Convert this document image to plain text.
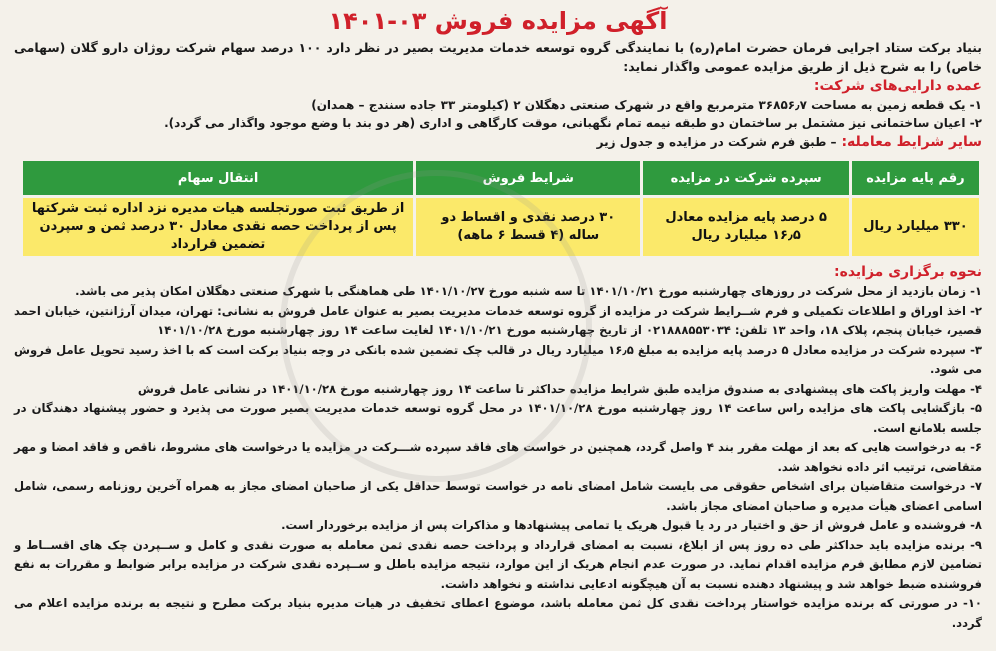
آگهی مزایده فروش ۰۳-۱۴۰۱

بنیاد برکت ستاد اجرایی فرمان حضرت امام(ره) با نمایندگی گروه توسعه خدمات مدیریت بصیر در نظر دارد ۱۰۰ درصد سهام شرکت روژان دارو گلان (سهامی خاص) را به شرح ذیل از طریق مزایده عمومی واگذار نماید:

عمده دارایی‌های شرکت:

۱- یک قطعه زمین به مساحت ۳۶۸۵۶٫۷ مترمربع واقع در شهرک صنعتی دهگلان ۲ (کیلومتر ۳۳ جاده سنندج – همدان)

۲- اعیان ساختمانی نیز مشتمل بر ساختمان دو طبقه نیمه تمام نگهبانی، موقت کارگاهی و اداری (هر دو بند با وضع موجود واگذار می گردد).

سایر شرایط معامله: – طبق فرم شرکت در مزایده و جدول زیر
رقم پایه مزایده	سپرده شرکت در مزایده	شرایط فروش	انتقال سهام
۳۳۰ میلیارد ریال	۵ درصد پایه مزایده معادل ۱۶٫۵ میلیارد ریال	۳۰ درصد نقدی و اقساط دو ساله (۴ قسط ۶ ماهه)	از طریق ثبت صورتجلسه هیات مدیره نزد اداره ثبت شرکتها پس از پرداخت حصه نقدی معادل ۳۰ درصد ثمن و سپردن تضمین قرارداد
نحوه برگزاری مزایده:

۱- زمان بازدید از محل شرکت در روزهای چهارشنبه مورخ ۱۴۰۱/۱۰/۲۱ تا سه شنبه مورخ ۱۴۰۱/۱۰/۲۷ طی هماهنگی با شهرک صنعتی دهگلان امکان پذیر می باشد.

۲- اخذ اوراق و اطلاعات تکمیلی و فرم شــرایط شرکت در مزایده از گروه توسعه خدمات مدیریت بصیر به عنوان عامل فروش به نشانی: تهران، میدان آرژانتین، خیابان احمد قصیر، خیابان پنجم، پلاک ۱۸، واحد ۱۳ تلفن: ۰۲۱۸۸۸۵۵۳۰۳۴ از تاریخ چهارشنبه مورخ ۱۴۰۱/۱۰/۲۱ لغایت ساعت ۱۴ روز چهارشنبه مورخ ۱۴۰۱/۱۰/۲۸

۳- سپرده شرکت در مزایده معادل ۵ درصد پایه مزایده به مبلغ ۱۶٫۵ میلیارد ریال در قالب چک تضمین شده بانکی در وجه بنیاد برکت است که با اخذ رسید تحویل عامل فروش می شود.

۴- مهلت واریز پاکت های پیشنهادی به صندوق مزایده طبق شرایط مزایده حداکثر تا ساعت ۱۴ روز چهارشنبه مورخ ۱۴۰۱/۱۰/۲۸ در نشانی عامل فروش

۵- بازگشایی پاکت های مزایده راس ساعت ۱۴ روز چهارشنبه مورخ ۱۴۰۱/۱۰/۲۸ در محل گروه توسعه خدمات مدیریت بصیر صورت می پذیرد و حضور پیشنهاد دهندگان در جلسه بلامانع است.

۶- به درخواست هایی که بعد از مهلت مقرر بند ۴ واصل گردد، همچنین در خواست های فاقد سپرده شـــرکت در مزایده یا درخواست های مشروط، ناقص و فاقد امضا و مهر متقاضی، ترتیب اثر داده نخواهد شد.

۷- درخواست متقاضیان برای اشخاص حقوقی می بایست شامل امضای نامه در خواست توسط حداقل یکی از صاحبان امضای مجاز به همراه آخرین روزنامه رسمی، شامل اسامی اعضای هیأت مدیره و صاحبان امضای مجاز باشد.

۸- فروشنده و عامل فروش از حق و اختیار در رد یا قبول هریک یا تمامی پیشنهادها و مذاکرات پس از مزایده برخوردار است.

۹- برنده مزایده باید حداکثر طی ده روز پس از ابلاغ، نسبت به امضای قرارداد و پرداخت حصه نقدی ثمن معامله به صورت نقدی و کامل و ســپردن چک های اقســاط و تضامین لازم مطابق فرم مزایده اقدام نماید. در صورت عدم انجام هریک از این موارد، نتیجه مزایده باطل و ســپرده نقدی شرکت در مزایده برابر ضوابط و مقررات به نفع فروشنده ضبط خواهد شد و پیشنهاد دهنده نسبت به آن هیچگونه ادعایی نداشته و نخواهد داشت.

۱۰- در صورتی که برنده مزایده خواستار پرداخت نقدی کل ثمن معامله باشد، موضوع اعطای تخفیف در هیات مدیره بنیاد برکت مطرح و نتیجه به برنده مزایده اعلام می گردد.
